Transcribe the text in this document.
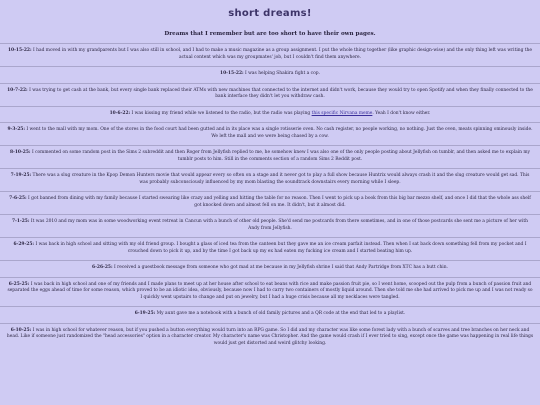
short dreams!

Dreams that I remember but are too short to have their own pages.

10-15-22: I had moved in with my grandparents but I was also still in school, and I had to make a music magazine as a group assignment. I put the whole thing together (like graphic design-wise) and the only thing left was writing the actual content which was my groupmates' job, but I couldn't find them anywhere.
10-15-22: I was helping Shakira fight a cop.
10-7-22: I was trying to get cash at the bank, but every single bank replaced their ATMs with new machines that connected to the internet and didn't work, because they would try to open Spotify and when they finally connected to the bank interface they didn't let you withdraw cash.
10-6-22: I was kissing my friend while we listened to the radio, but the radio was playing this specific Nirvana meme. Yeah I don't know either.
9-3-25: I went to the mall with my mom. One of the stores in the food court had been gutted and in its place was a single rotisserie oven. No cash register, no people working, no nothing. Just the oven, meats spinning ominously inside. We left the mall and we were being chased by a cow.
8-10-25: I commented on some random post in the Sims 2 subreddit and then Roger from Jellyfish replied to me, he somehow knew I was also one of the only people posting about Jellyfish on tumblr, and then asked me to explain my tumblr posts to him. Still in the comments section of a random Sims 2 Reddit post.
7-19-25: There was a slug creature in the Kpop Demon Hunters movie that would appear every so often on a stage and it never got to play a full show because Huntrix would always crash it and the slug creature would get sad. This was probably subconsciously influenced by my mom blasting the soundtrack downstairs every morning while I sleep.
7-6-25: I got banned from dining with my family because I started swearing like crazy and yelling and hitting the table for no reason. Then I went to pick up a book from this big bar mezzo shelf, and once I did that the whole ass shelf got knocked down and almost fell on me. It didn't, but it almost did.
7-1-25: It was 2010 and my mom was in some woodworking event retreat in Cancun with a bunch of other old people. She'd send me postcards from there sometimes, and in one of those postcards she sent me a picture of her with Andy from Jellyfish.
6-29-25: I was back in high school and sitting with my old friend group. I bought a glass of iced tea from the canteen but they gave me an ice cream parfait instead. Then when I sat back down something fell from my pocket and I crouched down to pick it up, and by the time I got back up my ex had eaten my fucking ice cream and I started beating him up.
6-26-25: I received a guestbook message from someone who got mad at me because in my Jellyfish shrine I said that Andy Partridge from XTC has a butt chin.
6-25-25: I was back in high school and one of my friends and I made plans to meet up at her house after school to eat beans with rice and make passion fruit pie, so I went home, scooped out the pulp from a bunch of passion fruit and separated the eggs ahead of time for some reason, which proved to be an idiotic idea, obviously, because now I had to carry two containers of mostly liquid around. Then she told me she had arrived to pick me up and I was not ready so I quickly went upstairs to change and put on jewelry, but I had a huge crisis because all my necklaces were tangled.
6-19-25: My aunt gave me a notebook with a bunch of old family pictures and a QR code at the end that led to a playlist.
6-10-25: I was in high school for whatever reason, but if you pushed a button everything would turn into an RPG game. So I did and my character was like some forest lady with a bunch of scarves and tree branches on her neck and head. Like if someone just randomized the "head accessories" option in a character creator. My character's name was Christopher. And the game would crash if I ever tried to sing, except once the game was happening in real life things would just get distorted and weird glitchy looking.
